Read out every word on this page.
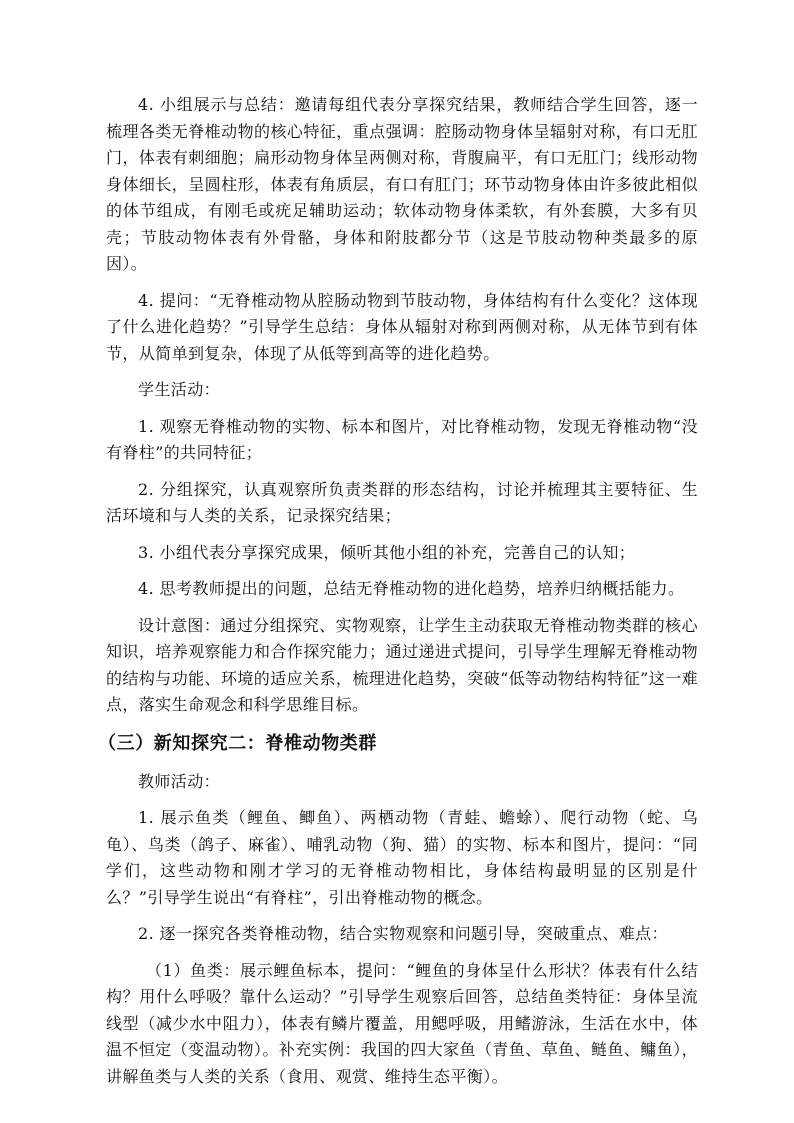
4. 小组展示与总结：邀请每组代表分享探究结果，教师结合学生回答，逐一梳理各类无脊椎动物的核心特征，重点强调：腔肠动物身体呈辐射对称，有口无肛门，体表有刺细胞；扁形动物身体呈两侧对称，背腹扁平，有口无肛门；线形动物身体细长，呈圆柱形，体表有角质层，有口有肛门；环节动物身体由许多彼此相似的体节组成，有刚毛或疣足辅助运动；软体动物身体柔软，有外套膜，大多有贝壳；节肢动物体表有外骨骼，身体和附肢都分节（这是节肢动物种类最多的原因）。

4. 提问：“无脊椎动物从腔肠动物到节肢动物，身体结构有什么变化？这体现了什么进化趋势？”引导学生总结：身体从辐射对称到两侧对称，从无体节到有体节，从简单到复杂，体现了从低等到高等的进化趋势。

学生活动：

1. 观察无脊椎动物的实物、标本和图片，对比脊椎动物，发现无脊椎动物“没有脊柱”的共同特征；

2. 分组探究，认真观察所负责类群的形态结构，讨论并梳理其主要特征、生活环境和与人类的关系，记录探究结果；

3. 小组代表分享探究成果，倾听其他小组的补充，完善自己的认知；

4. 思考教师提出的问题，总结无脊椎动物的进化趋势，培养归纳概括能力。

设计意图：通过分组探究、实物观察，让学生主动获取无脊椎动物类群的核心知识，培养观察能力和合作探究能力；通过递进式提问，引导学生理解无脊椎动物的结构与功能、环境的适应关系，梳理进化趋势，突破“低等动物结构特征”这一难点，落实生命观念和科学思维目标。

（三）新知探究二：脊椎动物类群

教师活动：

1. 展示鱼类（鲤鱼、鲫鱼）、两栖动物（青蛙、蟾蜍）、爬行动物（蛇、乌龟）、鸟类（鸽子、麻雀）、哺乳动物（狗、猫）的实物、标本和图片，提问：“同学们，这些动物和刚才学习的无脊椎动物相比，身体结构最明显的区别是什么？”引导学生说出“有脊柱”，引出脊椎动物的概念。

2. 逐一探究各类脊椎动物，结合实物观察和问题引导，突破重点、难点：

（1）鱼类：展示鲤鱼标本，提问：“鲤鱼的身体呈什么形状？体表有什么结构？用什么呼吸？靠什么运动？”引导学生观察后回答，总结鱼类特征：身体呈流线型（减少水中阻力），体表有鳞片覆盖，用鳃呼吸，用鳍游泳，生活在水中，体温不恒定（变温动物）。补充实例：我国的四大家鱼（青鱼、草鱼、鲢鱼、鳙鱼），讲解鱼类与人类的关系（食用、观赏、维持生态平衡）。
